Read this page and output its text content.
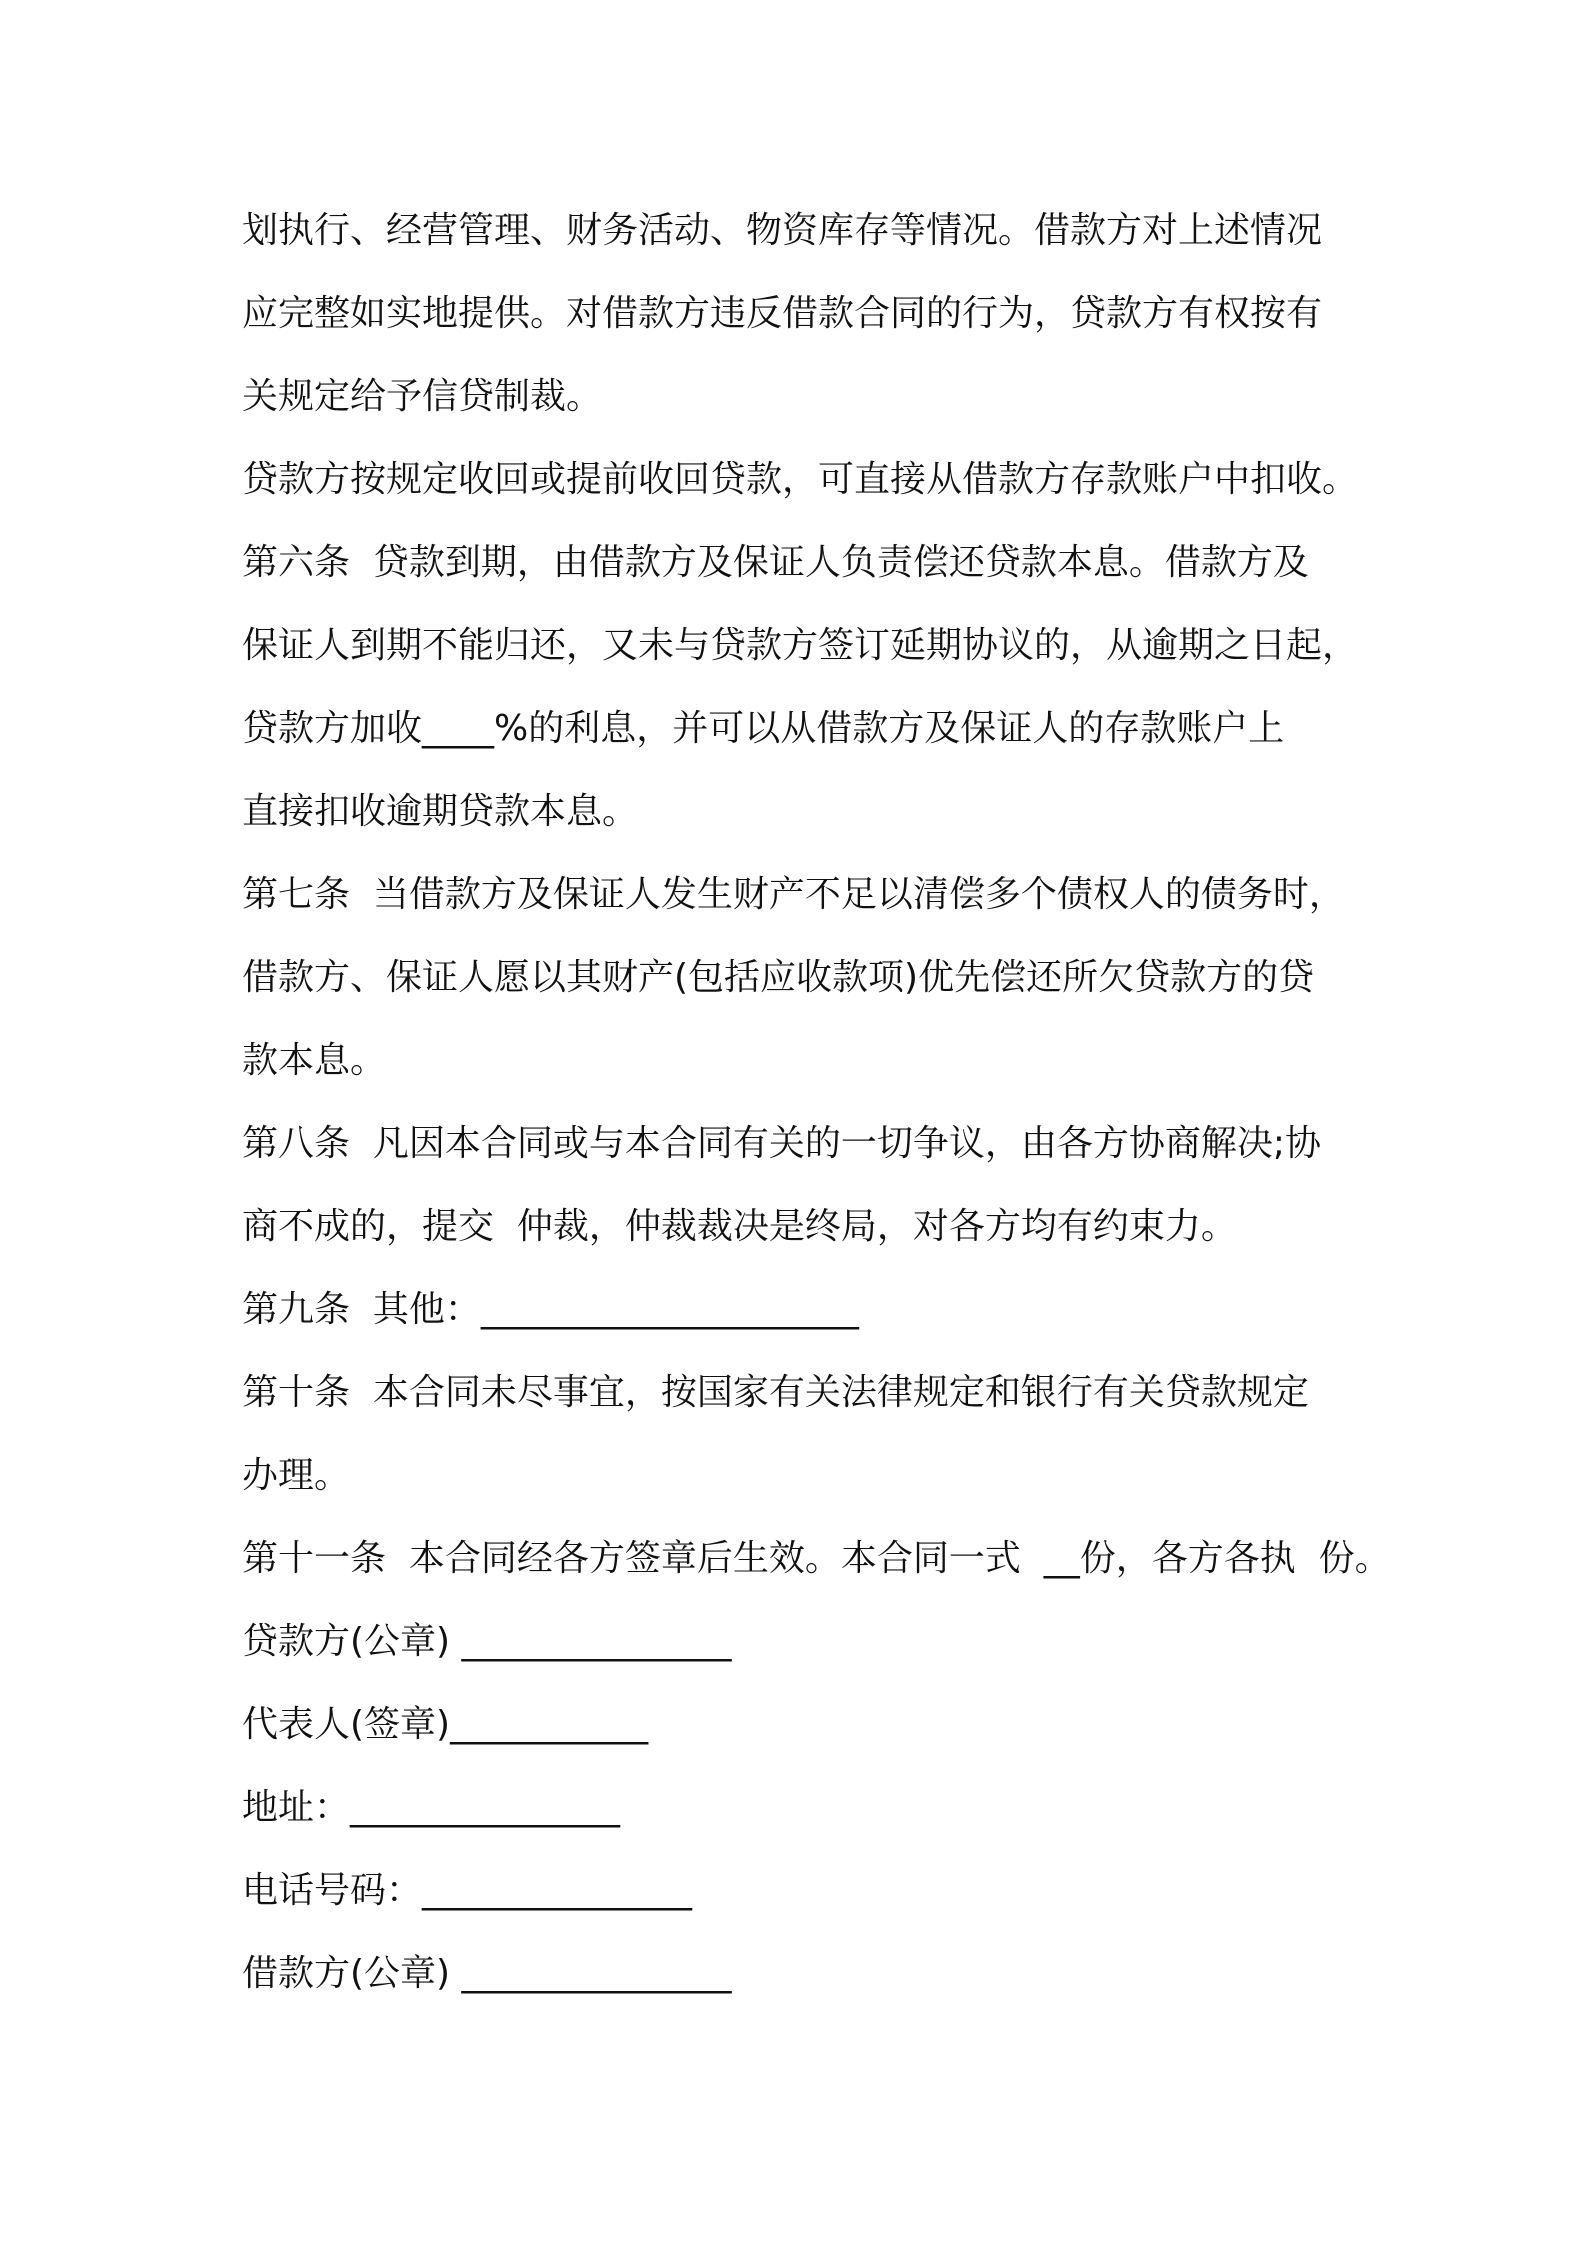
划执行、经营管理、财务活动、物资库存等情况。借款方对上述情况
应完整如实地提供。对借款方违反借款合同的行为，贷款方有权按有
关规定给予信贷制裁。
贷款方按规定收回或提前收回贷款，可直接从借款方存款账户中扣收。
第六条  贷款到期，由借款方及保证人负责偿还贷款本息。借款方及
保证人到期不能归还，又未与贷款方签订延期协议的，从逾期之日起，
贷款方加收____%的利息，并可以从借款方及保证人的存款账户上
直接扣收逾期贷款本息。
第七条  当借款方及保证人发生财产不足以清偿多个债权人的债务时，
借款方、保证人愿以其财产(包括应收款项)优先偿还所欠贷款方的贷
款本息。
第八条  凡因本合同或与本合同有关的一切争议，由各方协商解决;协
商不成的，提交  仲裁，仲裁裁决是终局，对各方均有约束力。
第九条  其他：_____________________
第十条  本合同未尽事宜，按国家有关法律规定和银行有关贷款规定
办理。
第十一条  本合同经各方签章后生效。本合同一式  __份，各方各执  份。
贷款方(公章) _______________
代表人(签章)___________
地址：_______________
电话号码：_______________
借款方(公章) _______________
